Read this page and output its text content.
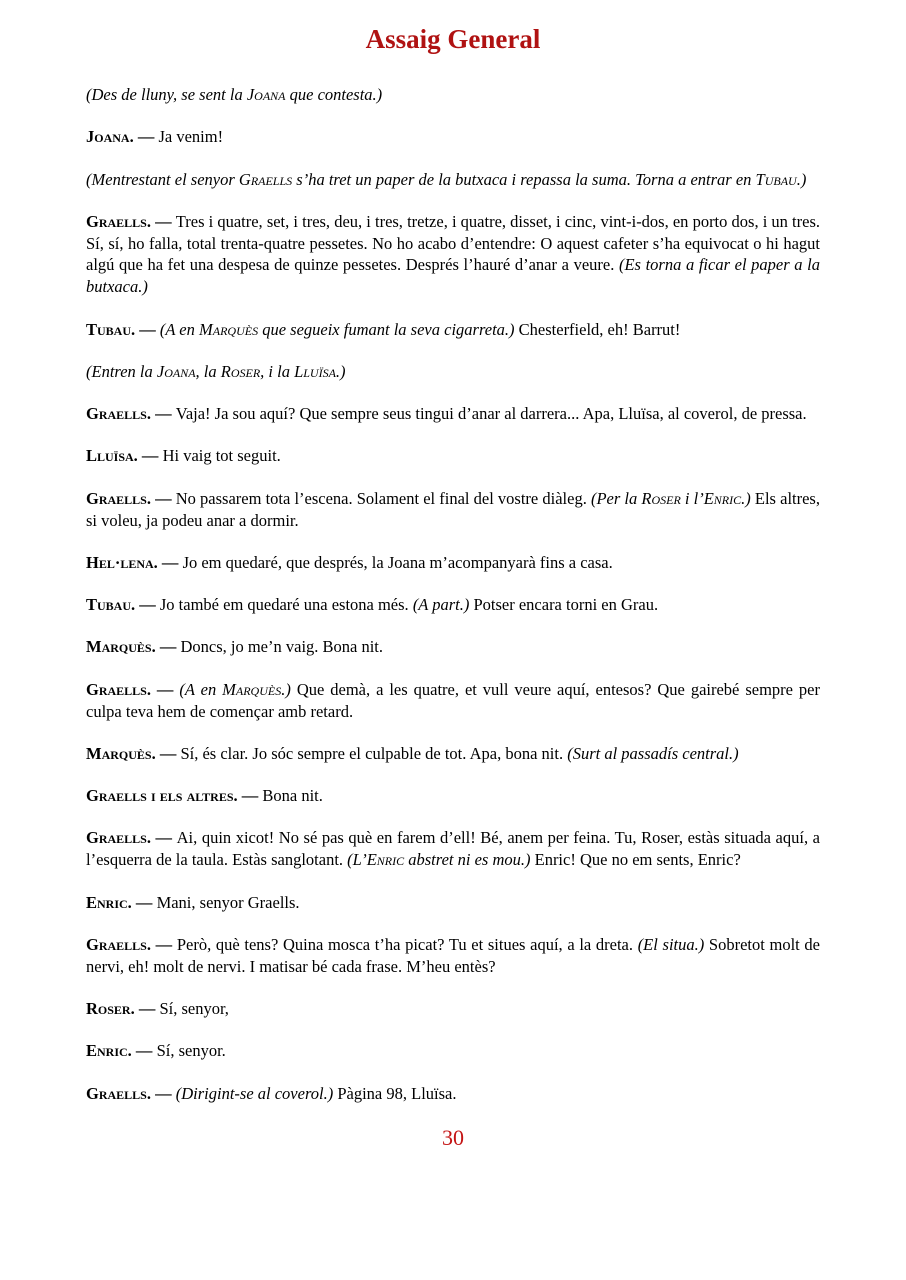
Assaig General

(Des de lluny, se sent la Joana que contesta.)

Joana. — Ja venim!

(Mentrestant el senyor Graells s’ha tret un paper de la butxaca i repassa la suma. Torna a entrar en Tubau.)

Graells. — Tres i quatre, set, i tres, deu, i tres, tretze, i quatre, disset, i cinc, vint-i-dos, en porto dos, i un tres. Sí, sí, ho falla, total trenta-quatre pessetes. No ho acabo d’entendre: O aquest cafeter s’ha equivocat o hi hagut algú que ha fet una despesa de quinze pessetes. Després l’hauré d’anar a veure. (Es torna a ficar el paper a la butxaca.)

Tubau. — (A en Marquès que segueix fumant la seva cigarreta.) Chesterfield, eh! Barrut!

(Entren la Joana, la Roser, i la Lluïsa.)

Graells. — Vaja! Ja sou aquí? Que sempre seus tingui d’anar al darrera... Apa, Lluïsa, al coverol, de pressa.

Lluïsa. — Hi vaig tot seguit.

Graells. — No passarem tota l’escena. Solament el final del vostre diàleg. (Per la Roser i l’Enric.) Els altres, si voleu, ja podeu anar a dormir.

Hel·lena. — Jo em quedaré, que després, la Joana m’acompanyarà fins a casa.

Tubau. — Jo també em quedaré una estona més. (A part.) Potser encara torni en Grau.

Marquès. — Doncs, jo me’n vaig. Bona nit.

Graells. — (A en Marquès.) Que demà, a les quatre, et vull veure aquí, entesos? Que gairebé sempre per culpa teva hem de començar amb retard.

Marquès. — Sí, és clar. Jo sóc sempre el culpable de tot. Apa, bona nit. (Surt al passadís central.)

Graells i els altres. — Bona nit.

Graells. — Ai, quin xicot! No sé pas què en farem d’ell! Bé, anem per feina. Tu, Roser, estàs situada aquí, a l’esquerra de la taula. Estàs sanglotant. (L’Enric abstret ni es mou.) Enric! Que no em sents, Enric?

Enric. — Mani, senyor Graells.

Graells. — Però, què tens? Quina mosca t’ha picat? Tu et situes aquí, a la dreta. (El situa.) Sobretot molt de nervi, eh! molt de nervi. I matisar bé cada frase. M’heu entès?

Roser. — Sí, senyor,

Enric. — Sí, senyor.

Graells. — (Dirigint-se al coverol.) Pàgina 98, Lluïsa.

30
